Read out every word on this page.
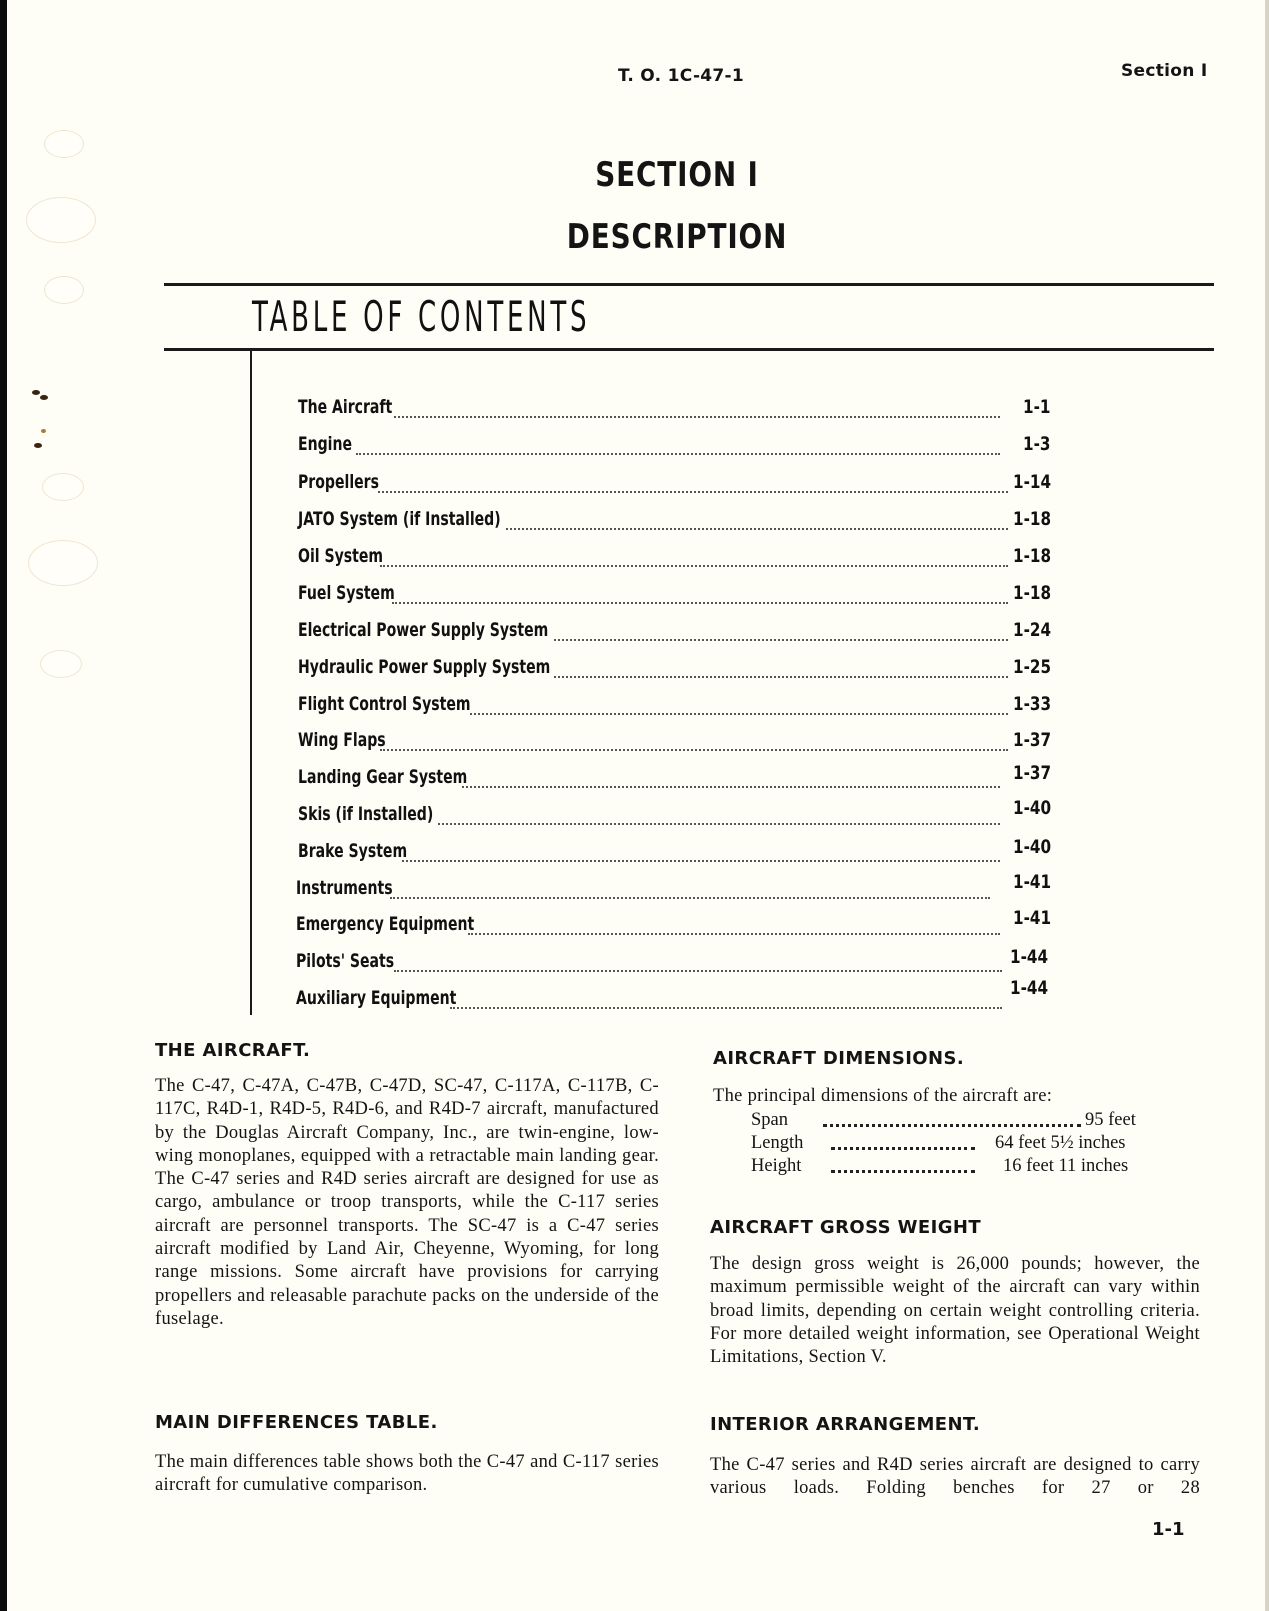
T. O. 1C-47-1	Section I
SECTION I
DESCRIPTION
TABLE OF CONTENTS
The Aircraft	1-1
Engine	1-3
Propellers	1-14
JATO System (if Installed)	1-18
Oil System	1-18
Fuel System	1-18
Electrical Power Supply System	1-24
Hydraulic Power Supply System	1-25
Flight Control System	1-33
Wing Flaps	1-37
Landing Gear System	1-37
Skis (if Installed)	1-40
Brake System	1-40
Instruments	1-41
Emergency Equipment	1-41
Pilots' Seats	1-44
Auxiliary Equipment	1-44
THE AIRCRAFT.

The C-47, C-47A, C-47B, C-47D, SC-47, C-117A, C-117B, C-117C, R4D-1, R4D-5, R4D-6, and R4D-7 aircraft, manufactured by the Douglas Aircraft Company, Inc., are twin-engine, low-wing monoplanes, equipped with a retractable main landing gear. The C-47 series and R4D series aircraft are designed for use as cargo, ambulance or troop transports, while the C-117 series aircraft are personnel transports. The SC-47 is a C-47 series aircraft modified by Land Air, Cheyenne, Wyoming, for long range missions. Some aircraft have provisions for carrying propellers and releasable parachute packs on the underside of the fuselage.

MAIN DIFFERENCES TABLE.

The main differences table shows both the C-47 and C-117 series aircraft for cumulative comparison.

AIRCRAFT DIMENSIONS.

The principal dimensions of the aircraft are:

Span	95 feet
Length	64 feet 5½ inches
Height	16 feet 11 inches
AIRCRAFT GROSS WEIGHT

The design gross weight is 26,000 pounds; however, the maximum permissible weight of the aircraft can vary within broad limits, depending on certain weight controlling criteria. For more detailed weight information, see Operational Weight Limitations, Section V.

INTERIOR ARRANGEMENT.

The C-47 series and R4D series aircraft are designed to carry various loads. Folding benches for 27 or 28

1-1
